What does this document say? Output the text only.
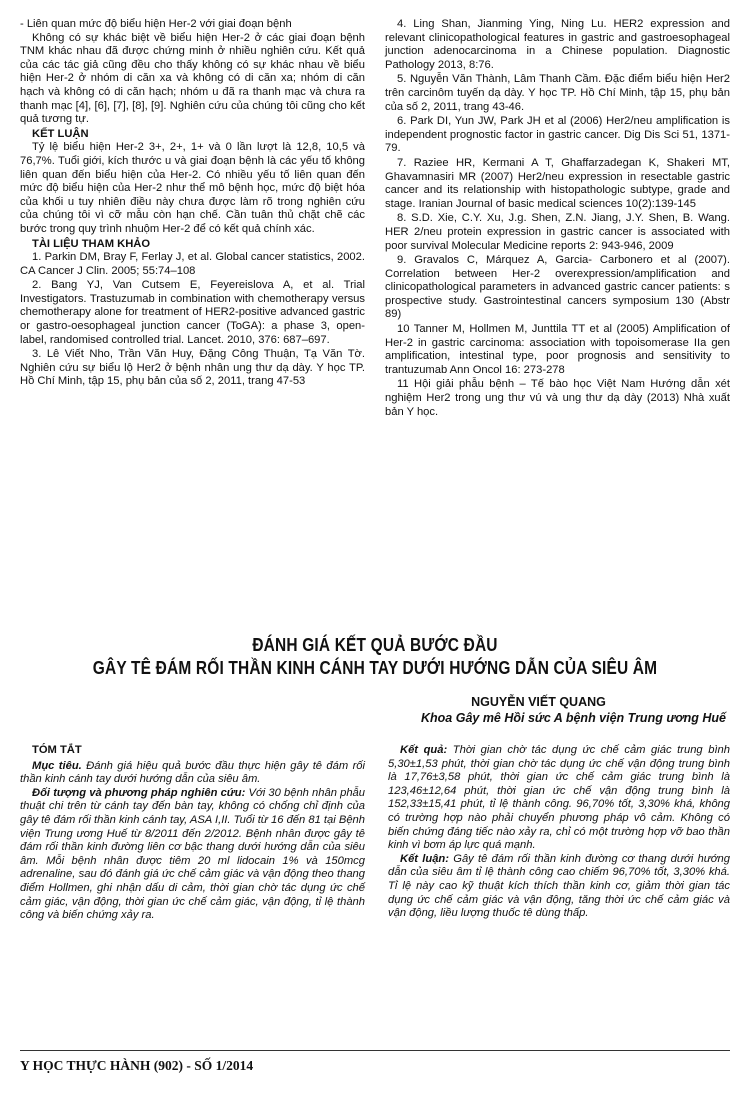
- Liên quan mức độ biểu hiện Her-2 với giai đoạn bệnh

Không có sự khác biệt về biểu hiện Her-2 ở các giai đoạn bệnh TNM khác nhau đã được chứng minh ở nhiều nghiên cứu. Kết quả của các tác giả cũng đều cho thấy không có sự khác nhau về biểu hiện Her-2 ở nhóm di căn xa và không có di căn xa; nhóm di căn hạch và không có di căn hạch; nhóm u đã ra thanh mạc và chưa ra thanh mạc [4], [6], [7], [8], [9]. Nghiên cứu của chúng tôi cũng cho kết quả tương tự.

KẾT LUẬN

Tỷ lệ biểu hiện Her-2 3+, 2+, 1+ và 0 lần lượt là 12,8, 10,5 và 76,7%. Tuổi giới, kích thước u và giai đoạn bệnh là các yếu tố không liên quan đến biểu hiện của Her-2. Có nhiều yếu tố liên quan đến mức độ biểu hiện của Her-2 như thể mô bệnh học, mức độ biệt hóa của khối u tuy nhiên điều này chưa được làm rõ trong nghiên cứu của chúng tôi vì cỡ mẫu còn hạn chế. Cần tuân thủ chặt chẽ các bước trong quy trình nhuộm Her-2 để có kết quả chính xác.

TÀI LIỆU THAM KHẢO

1. Parkin DM, Bray F, Ferlay J, et al. Global cancer statistics, 2002. CA Cancer J Clin. 2005; 55:74–108

2. Bang YJ, Van Cutsem E, Feyereislova A, et al. Trial Investigators. Trastuzumab in combination with chemotherapy versus chemotherapy alone for treatment of HER2-positive advanced gastric or gastro-oesophageal junction cancer (ToGA): a phase 3, open-label, randomised controlled trial. Lancet. 2010, 376: 687–697.

3. Lê Viết Nho, Trần Văn Huy, Đặng Công Thuận, Tạ Văn Tờ. Nghiên cứu sự biểu lộ Her2 ở bệnh nhân ung thư dạ dày. Y học TP. Hồ Chí Minh, tập 15, phụ bản của số 2, 2011, trang 47-53

4. Ling Shan, Jianming Ying, Ning Lu. HER2 expression and relevant clinicopathological features in gastric and gastroesophageal junction adenocarcinoma in a Chinese population. Diagnostic Pathology 2013, 8:76.

5. Nguyễn Văn Thành, Lâm Thanh Cầm. Đặc điểm biểu hiện Her2 trên carcinôm tuyến dạ dày. Y học TP. Hồ Chí Minh, tập 15, phụ bản của số 2, 2011, trang 43-46.

6. Park DI, Yun JW, Park JH et al (2006) Her2/neu amplification is independent prognostic factor in gastric cancer. Dig Dis Sci 51, 1371-79.

7. Raziee HR, Kermani A T, Ghaffarzadegan K, Shakeri MT, Ghavamnasiri MR (2007) Her2/neu expression in resectable gastric cancer and its relationship with histopathologic subtype, grade and stage. Iranian Journal of basic medical sciences 10(2):139-145

8. S.D. Xie, C.Y. Xu, J.g. Shen, Z.N. Jiang, J.Y. Shen, B. Wang. HER 2/neu protein expression in gastric cancer is associated with poor survival Molecular Medicine reports 2: 943-946, 2009

9. Gravalos C, Márquez A, Garcia- Carbonero et al (2007). Correlation between Her-2 overexpression/amplification and clinicopathological parameters in advanced gastric cancer patients: s prospective study. Gastrointestinal cancers symposium 130 (Abstr 89)

10 Tanner M, Hollmen M, Junttila TT et al (2005) Amplification of Her-2 in gastric carcinoma: association with topoisomerase IIa gen amplification, intestinal type, poor prognosis and sensitivity to trantuzumab Ann Oncol 16: 273-278

11 Hội giải phẫu bệnh – Tế bào học Việt Nam Hướng dẫn xét nghiệm Her2 trong ung thư vú và ung thư dạ dày (2013) Nhà xuất bản Y học.

ĐÁNH GIÁ KẾT QUẢ BƯỚC ĐẦU
GÂY TÊ ĐÁM RỐI THẦN KINH CÁNH TAY DƯỚI HƯỚNG DẪN CỦA SIÊU ÂM
NGUYỄN VIẾT QUANG
Khoa Gây mê Hồi sức A bệnh viện Trung ương Huế
TÓM TẮT

Mục tiêu. Đánh giá hiệu quả bước đầu thực hiện gây tê đám rối thần kinh cánh tay dưới hướng dẫn của siêu âm.

Đối tượng và phương pháp nghiên cứu: Với 30 bệnh nhân phẫu thuật chi trên từ cánh tay đến bàn tay, không có chống chỉ định của gây tê đám rối thần kinh cánh tay, ASA I,II. Tuổi từ 16 đến 81 tại Bệnh viện Trung ương Huế từ 8/2011 đến 2/2012. Bệnh nhân được gây tê đám rối thần kinh đường liên cơ bậc thang dưới hướng dẫn của siêu âm. Mỗi bệnh nhân được tiêm 20 ml lidocain 1% và 150mcg adrenaline, sau đó đánh giá ức chế cảm giác và vận động theo thang điểm Hollmen, ghi nhận dấu di cảm, thời gian chờ tác dụng ức chế cảm giác, vận động, thời gian ức chế cảm giác, vận động, tỉ lệ thành công và biến chứng xảy ra.

Kết quả: Thời gian chờ tác dụng ức chế cảm giác trung bình 5,30±1,53 phút, thời gian chờ tác dụng ức chế vận động trung bình là 17,76±3,58 phút, thời gian ức chế cảm giác trung bình là 123,46±12,64 phút, thời gian ức chế vận động trung bình là 152,33±15,41 phút, tỉ lệ thành công. 96,70% tốt, 3,30% khá, không có trường hợp nào phải chuyển phương pháp vô cảm. Không có biến chứng đáng tiếc nào xảy ra, chỉ có một trường hợp vỡ bao thần kinh vì bơm áp lực quá mạnh.

Kết luận: Gây tê đám rối thần kinh đường cơ thang dưới hướng dẫn của siêu âm tỉ lệ thành công cao chiếm 96,70% tốt, 3,30% khá. Tỉ lệ này cao kỹ thuật kích thích thần kinh cơ, giảm thời gian tác dụng ức chế cảm giác và vận động, tăng thời ức chế cảm giác và vận động, liều lượng thuốc tê dùng thấp.

Y HỌC THỰC HÀNH (902) - SỐ 1/2014
